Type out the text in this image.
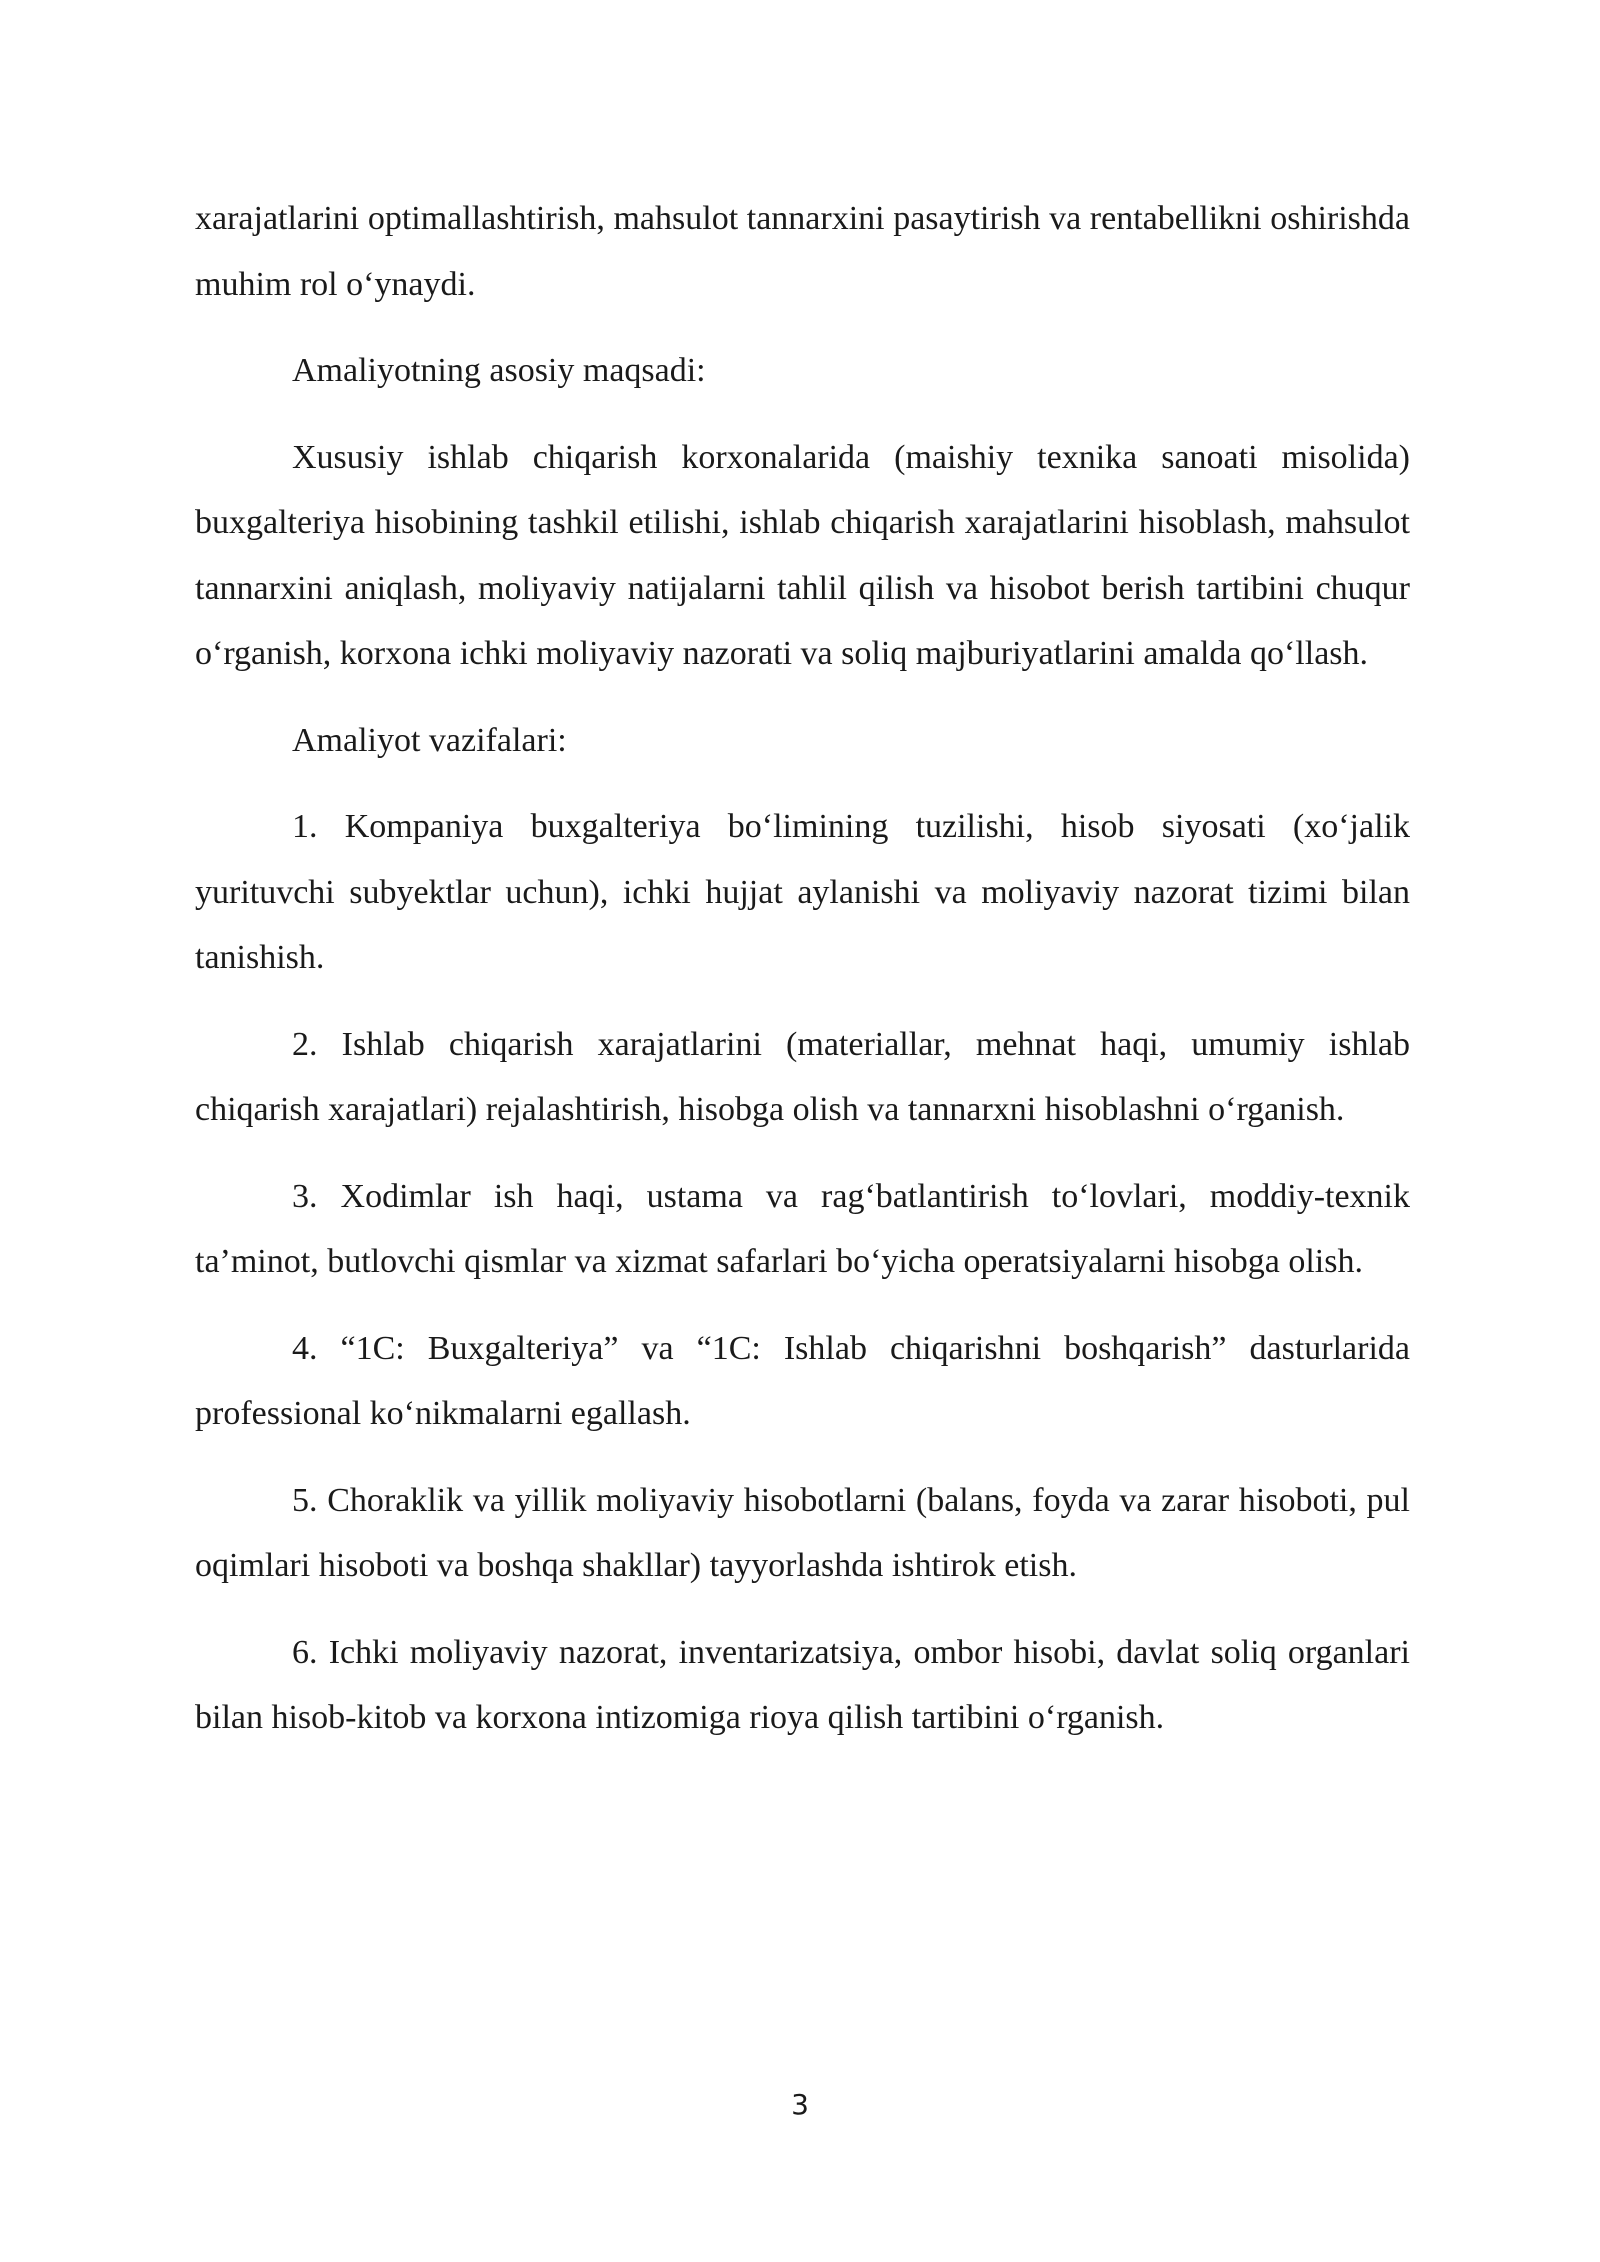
xarajatlarini optimallashtirish, mahsulot tannarxini pasaytirish va rentabellikni oshirishda muhim rol o‘ynaydi.

Amaliyotning asosiy maqsadi:

Xususiy ishlab chiqarish korxonalarida (maishiy texnika sanoati misolida) buxgalteriya hisobining tashkil etilishi, ishlab chiqarish xarajatlarini hisoblash, mahsulot tannarxini aniqlash, moliyaviy natijalarni tahlil qilish va hisobot berish tartibini chuqur o‘rganish, korxona ichki moliyaviy nazorati va soliq majburiyatlarini amalda qo‘llash.

Amaliyot vazifalari:

1. Kompaniya buxgalteriya bo‘limining tuzilishi, hisob siyosati (xo‘jalik yurituvchi subyektlar uchun), ichki hujjat aylanishi va moliyaviy nazorat tizimi bilan tanishish.

2. Ishlab chiqarish xarajatlarini (materiallar, mehnat haqi, umumiy ishlab chiqarish xarajatlari) rejalashtirish, hisobga olish va tannarxni hisoblashni o‘rganish.

3. Xodimlar ish haqi, ustama va rag‘batlantirish to‘lovlari, moddiy-texnik ta’minot, butlovchi qismlar va xizmat safarlari bo‘yicha operatsiyalarni hisobga olish.

4. “1C: Buxgalteriya” va “1C: Ishlab chiqarishni boshqarish” dasturlarida professional ko‘nikmalarni egallash.

5. Choraklik va yillik moliyaviy hisobotlarni (balans, foyda va zarar hisoboti, pul oqimlari hisoboti va boshqa shakllar) tayyorlashda ishtirok etish.

6. Ichki moliyaviy nazorat, inventarizatsiya, ombor hisobi, davlat soliq organlari bilan hisob-kitob va korxona intizomiga rioya qilish tartibini o‘rganish.

3
